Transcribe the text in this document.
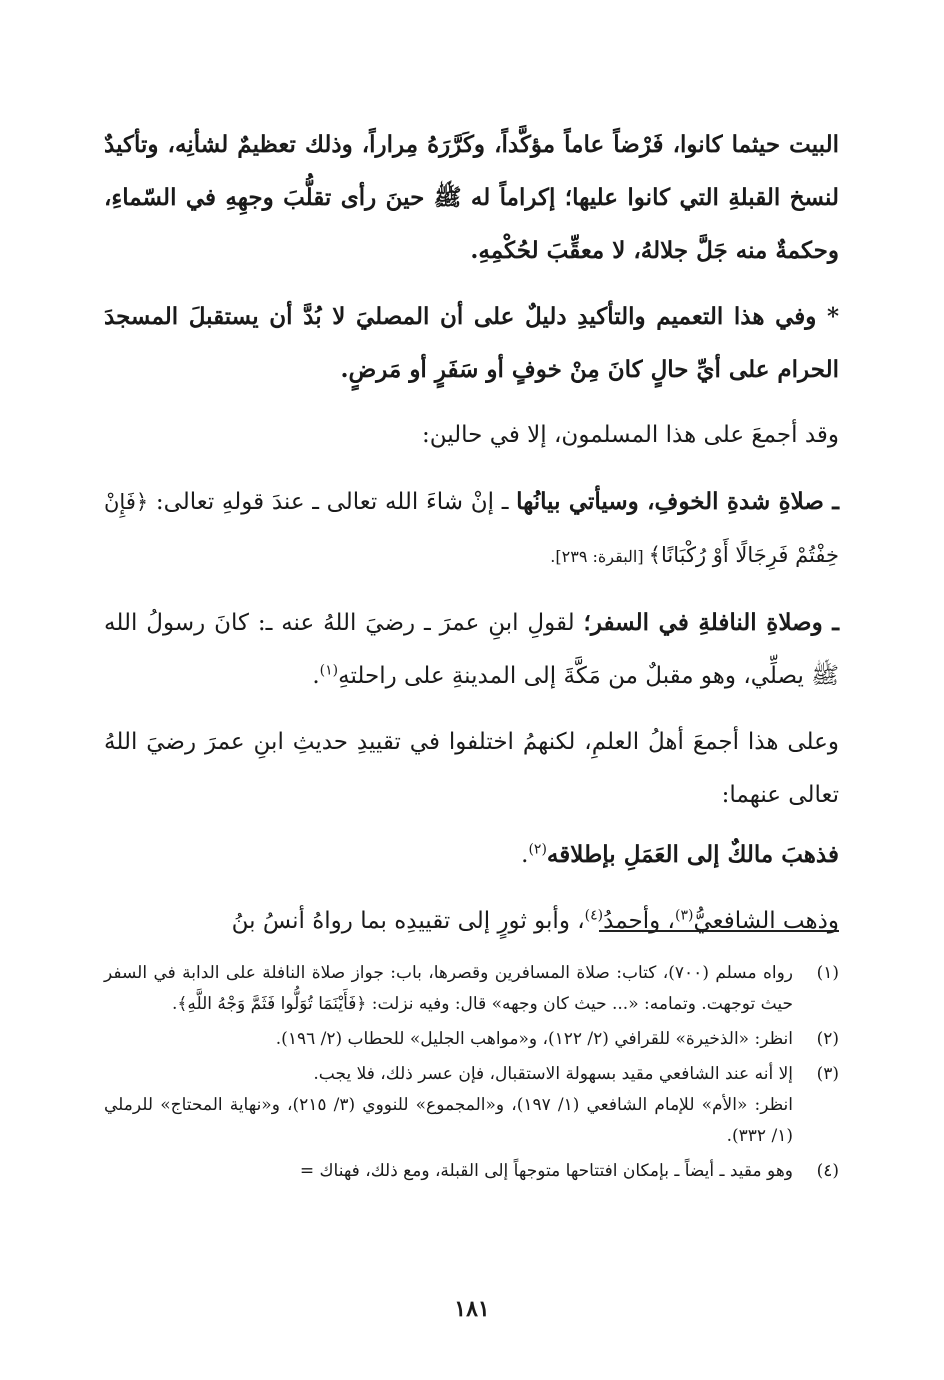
البيت حيثما كانوا، فَرْضاً عاماً مؤكَّداً، وكَرَّرَهُ مِراراً، وذلك تعظيمٌ لشأنِه، وتأكيدٌ لنسخ القبلةِ التي كانوا عليها؛ إكراماً له ﷺ حينَ رأى تقلُّبَ وجهِهِ في السّماءِ، وحكمةٌ منه جَلَّ جلالهُ، لا معقِّبَ لحُكْمِهِ.

* وفي هذا التعميم والتأكيدِ دليلٌ على أن المصليَ لا بُدَّ أن يستقبلَ المسجدَ الحرام على أيِّ حالٍ كانَ مِنْ خوفٍ أو سَفَرٍ أو مَرضٍ.

وقد أجمعَ على هذا المسلمون، إلا في حالين:

ـ صلاةِ شدةِ الخوفِ، وسيأتي بيانُها ـ إنْ شاءَ الله تعالى ـ عندَ قولهِ تعالى: ﴿فَإِنْ خِفْتُمْ فَرِجَالًا أَوْ رُكْبَانًا﴾ [البقرة: ٢٣٩].

ـ وصلاةِ النافلةِ في السفر؛ لقولِ ابنِ عمرَ ـ رضيَ اللهُ عنه ـ: كانَ رسولُ الله ﷺ يصلِّي، وهو مقبلٌ من مَكَّةَ إلى المدينةِ على راحلتهِ$^{(١)}$.

وعلى هذا أجمعَ أهلُ العلمِ، لكنهمُ اختلفوا في تقييدِ حديثِ ابنِ عمرَ رضيَ اللهُ تعالى عنهما:

فذهبَ مالكٌ إلى العَمَلِ بإطلاقه$^{(٢)}$.

وذهب الشافعيُّ$^{(٣)}$، وأحمدُ$^{(٤)}$، وأبو ثورٍ إلى تقييدِه بما رواهُ أنسُ بنُ

(١)
رواه مسلم (٧٠٠)، كتاب: صلاة المسافرين وقصرها، باب: جواز صلاة النافلة على الدابة في السفر حيث توجهت. وتمامه: «... حيث كان وجهه» قال: وفيه نزلت: ﴿فَأَيْنَمَا تُوَلُّوا فَثَمَّ وَجْهُ اللَّهِ﴾.
(٢)
انظر: «الذخيرة» للقرافي (٢/ ١٢٢)، و«مواهب الجليل» للحطاب (٢/ ١٩٦).
(٣)
إلا أنه عند الشافعي مقيد بسهولة الاستقبال، فإن عسر ذلك، فلا يجب.
انظر: «الأم» للإمام الشافعي (١/ ١٩٧)، و«المجموع» للنووي (٣/ ٢١٥)، و«نهاية المحتاج» للرملي (١/ ٣٣٢).
(٤)
وهو مقيد ـ أيضاً ـ بإمكان افتتاحها متوجهاً إلى القبلة، ومع ذلك، فهناك =
١٨١
